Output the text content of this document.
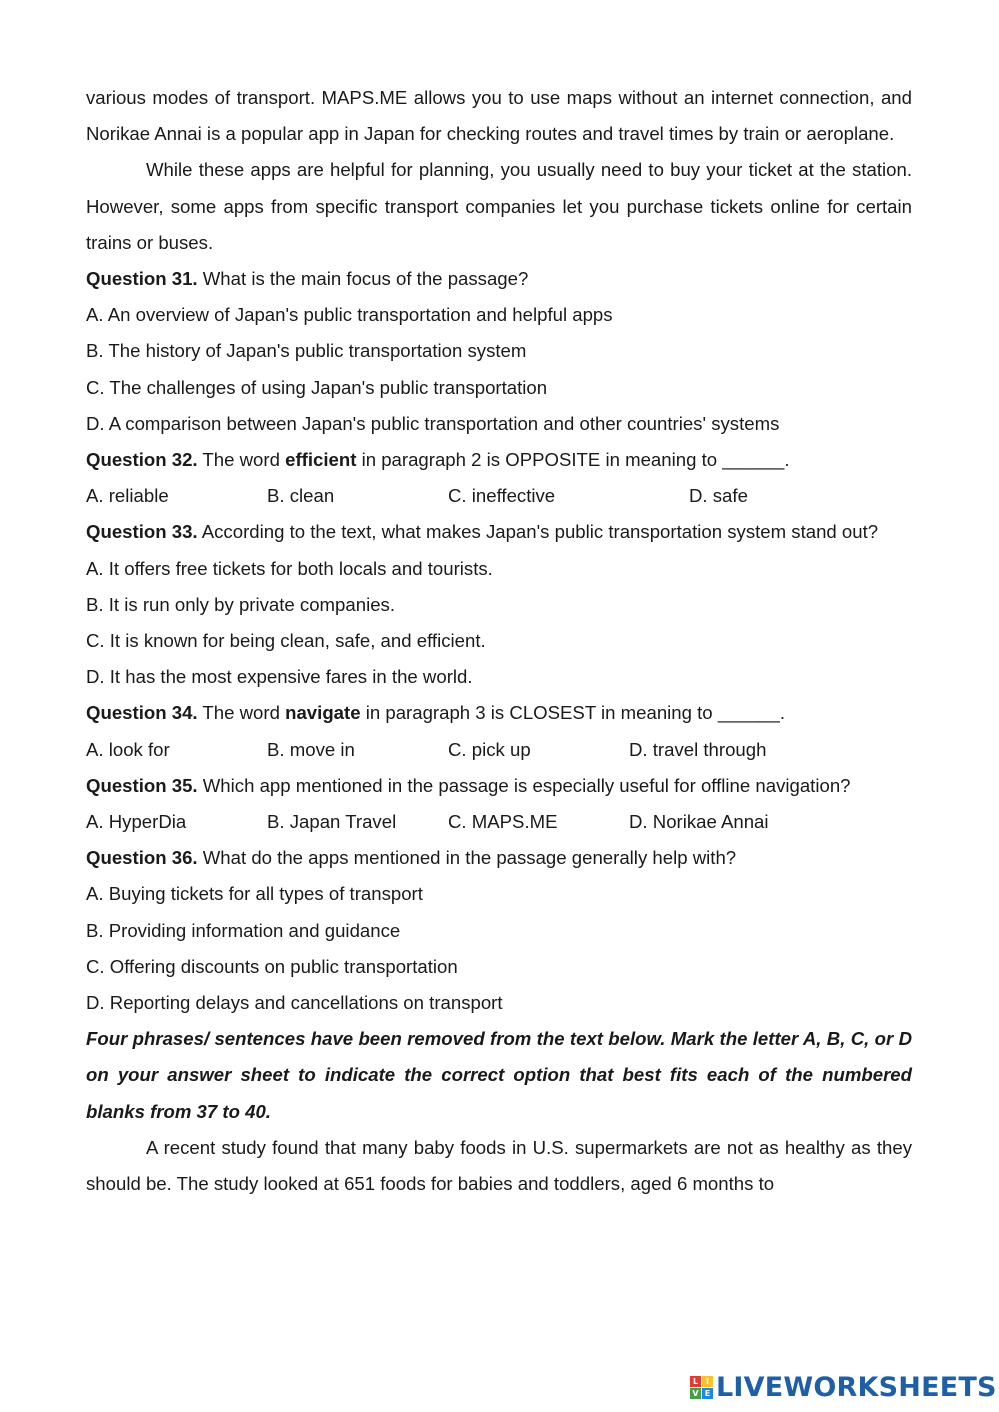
various modes of transport. MAPS.ME allows you to use maps without an internet connection, and Norikae Annai is a popular app in Japan for checking routes and travel times by train or aeroplane.

While these apps are helpful for planning, you usually need to buy your ticket at the station. However, some apps from specific transport companies let you purchase tickets online for certain trains or buses.

Question 31. What is the main focus of the passage?

A. An overview of Japan's public transportation and helpful apps

B. The history of Japan's public transportation system

C. The challenges of using Japan's public transportation

D. A comparison between Japan's public transportation and other countries' systems

Question 32. The word efficient in paragraph 2 is OPPOSITE in meaning to ______.

A. reliable	B. clean	C. ineffective	D. safe

Question 33. According to the text, what makes Japan's public transportation system stand out?

A. It offers free tickets for both locals and tourists.

B. It is run only by private companies.

C. It is known for being clean, safe, and efficient.

D. It has the most expensive fares in the world.

Question 34. The word navigate in paragraph 3 is CLOSEST in meaning to ______.

A. look for	B. move in	C. pick up	D. travel through

Question 35. Which app mentioned in the passage is especially useful for offline navigation?

A. HyperDia	B. Japan Travel	C. MAPS.ME	D. Norikae Annai

Question 36. What do the apps mentioned in the passage generally help with?

A. Buying tickets for all types of transport

B. Providing information and guidance

C. Offering discounts on public transportation

D. Reporting delays and cancellations on transport

Four phrases/ sentences have been removed from the text below. Mark the letter A, B, C, or D on your answer sheet to indicate the correct option that best fits each of the numbered blanks from 37 to 40.

A recent study found that many baby foods in U.S. supermarkets are not as healthy as they should be. The study looked at 651 foods for babies and toddlers, aged 6 months to

L I
V E LIVEWORKSHEETS
